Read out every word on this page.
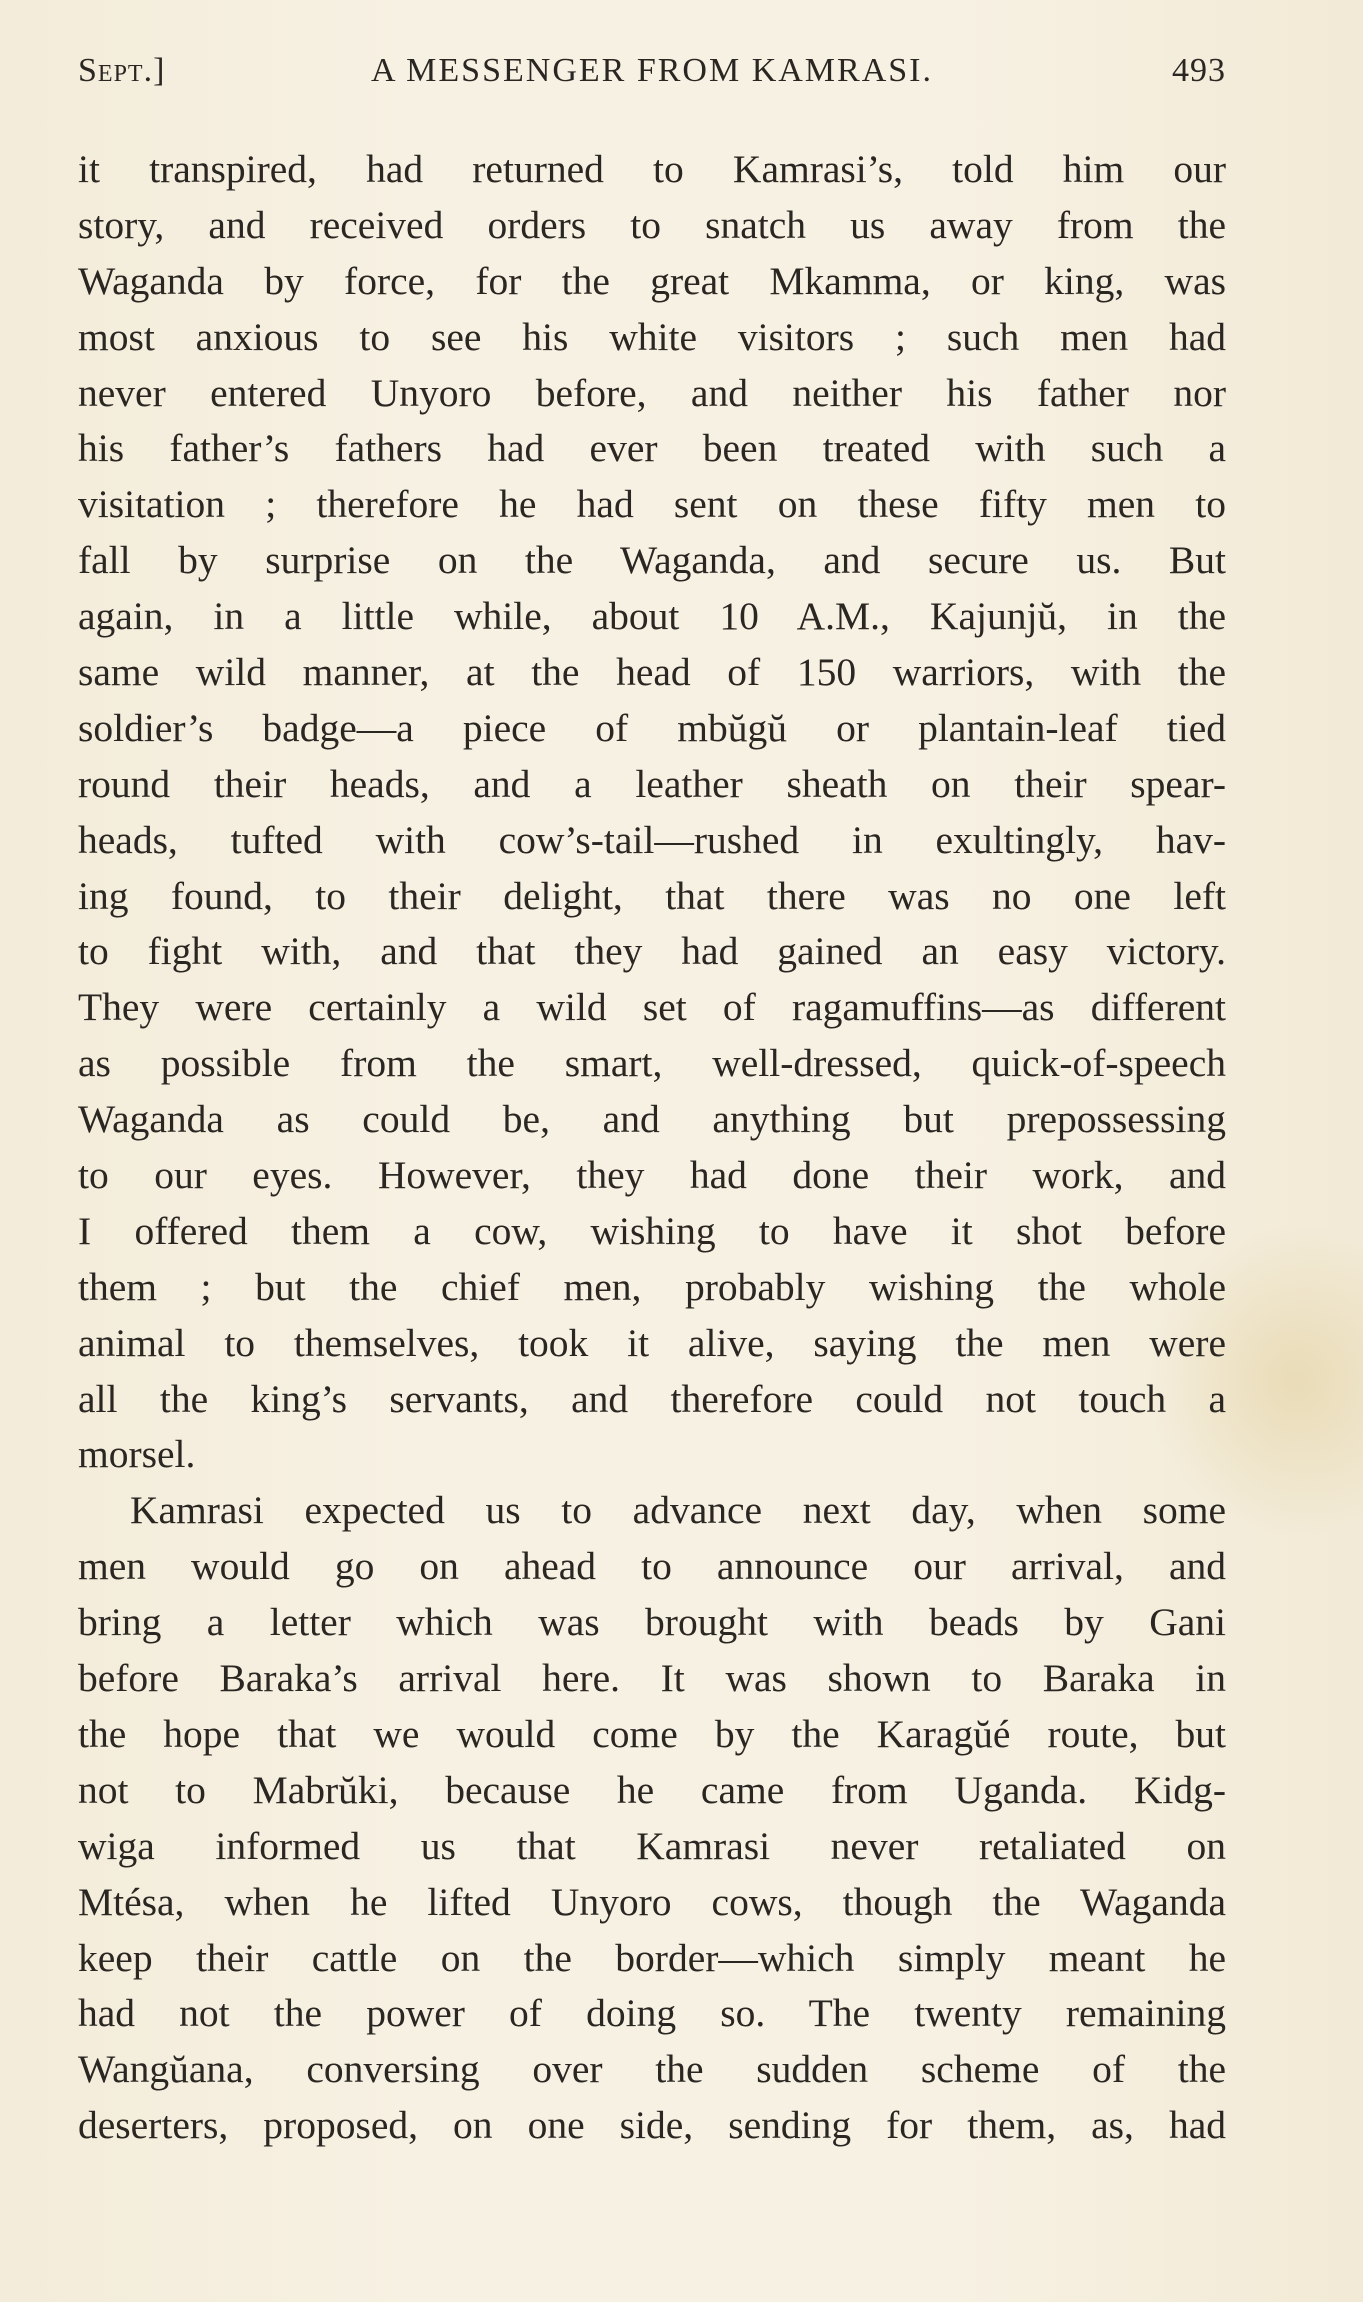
Sept.]	A MESSENGER FROM KAMRASI.	493
it transpired, had returned to Kamrasi’s, told him our
story, and received orders to snatch us away from the
Waganda by force, for the great Mkamma, or king, was
most anxious to see his white visitors ; such men had
never entered Unyoro before, and neither his father nor
his father’s fathers had ever been treated with such a
visitation ; therefore he had sent on these fifty men to
fall by surprise on the Waganda, and secure us. But
again, in a little while, about 10 A.M., Kajunjŭ, in the
same wild manner, at the head of 150 warriors, with the
soldier’s badge—a piece of mbŭgŭ or plantain-leaf tied
round their heads, and a leather sheath on their spear-
heads, tufted with cow’s-tail—rushed in exultingly, hav-
ing found, to their delight, that there was no one left
to fight with, and that they had gained an easy victory.
They were certainly a wild set of ragamuffins—as different
as possible from the smart, well-dressed, quick-of-speech
Waganda as could be, and anything but prepossessing
to our eyes. However, they had done their work, and
I offered them a cow, wishing to have it shot before
them ; but the chief men, probably wishing the whole
animal to themselves, took it alive, saying the men were
all the king’s servants, and therefore could not touch a
morsel.
Kamrasi expected us to advance next day, when some
men would go on ahead to announce our arrival, and
bring a letter which was brought with beads by Gani
before Baraka’s arrival here. It was shown to Baraka in
the hope that we would come by the Karagŭé route, but
not to Mabrŭki, because he came from Uganda. Kidg-
wiga informed us that Kamrasi never retaliated on
Mtésa, when he lifted Unyoro cows, though the Waganda
keep their cattle on the border—which simply meant he
had not the power of doing so. The twenty remaining
Wangŭana, conversing over the sudden scheme of the
deserters, proposed, on one side, sending for them, as, had
